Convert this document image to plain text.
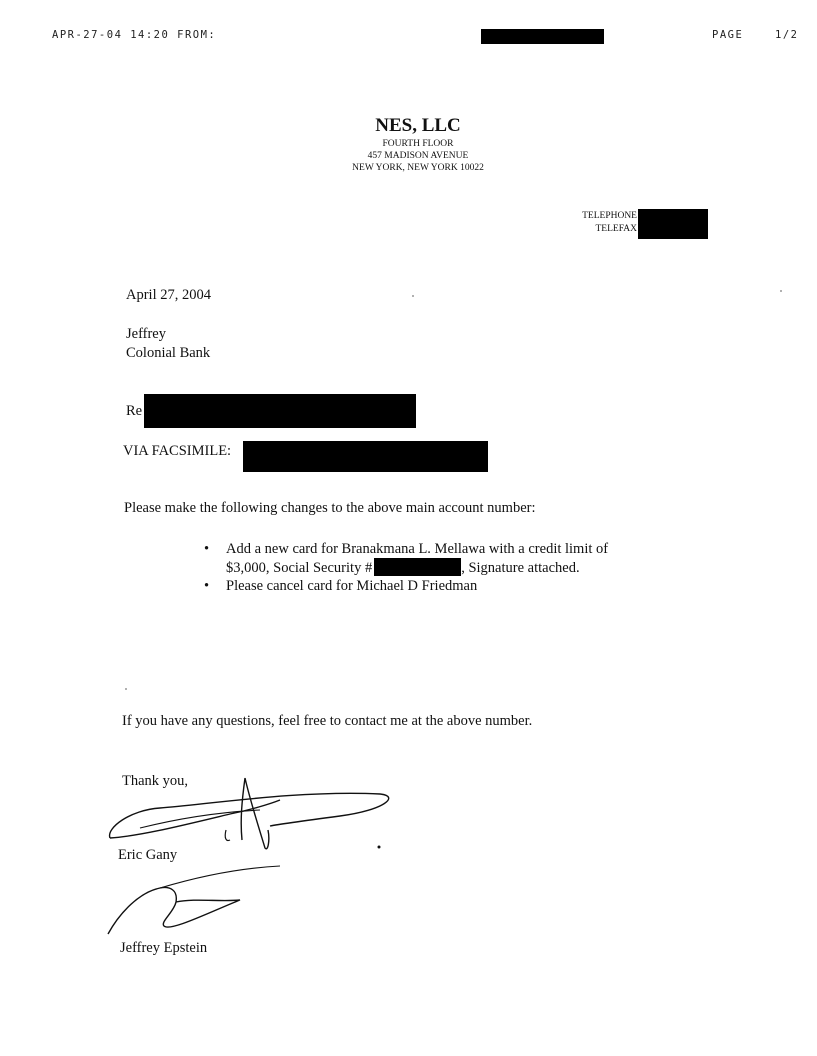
APR-27-04 14:20 FROM:	PAGE	1/2
NES, LLC
FOURTH FLOOR
457 MADISON AVENUE
NEW YORK, NEW YORK 10022
TELEPHONE
TELEFAX
April 27, 2004
Jeffrey
Colonial Bank
Re
VIA FACSIMILE:
Please make the following changes to the above main account number:
• Add a new card for Branakmana L. Mellawa with a credit limit of
$3,000, Social Security #	, Signature attached.
• Please cancel card for Michael D Friedman
If you have any questions, feel free to contact me at the above number.
Thank you,
Eric Gany
Jeffrey Epstein
